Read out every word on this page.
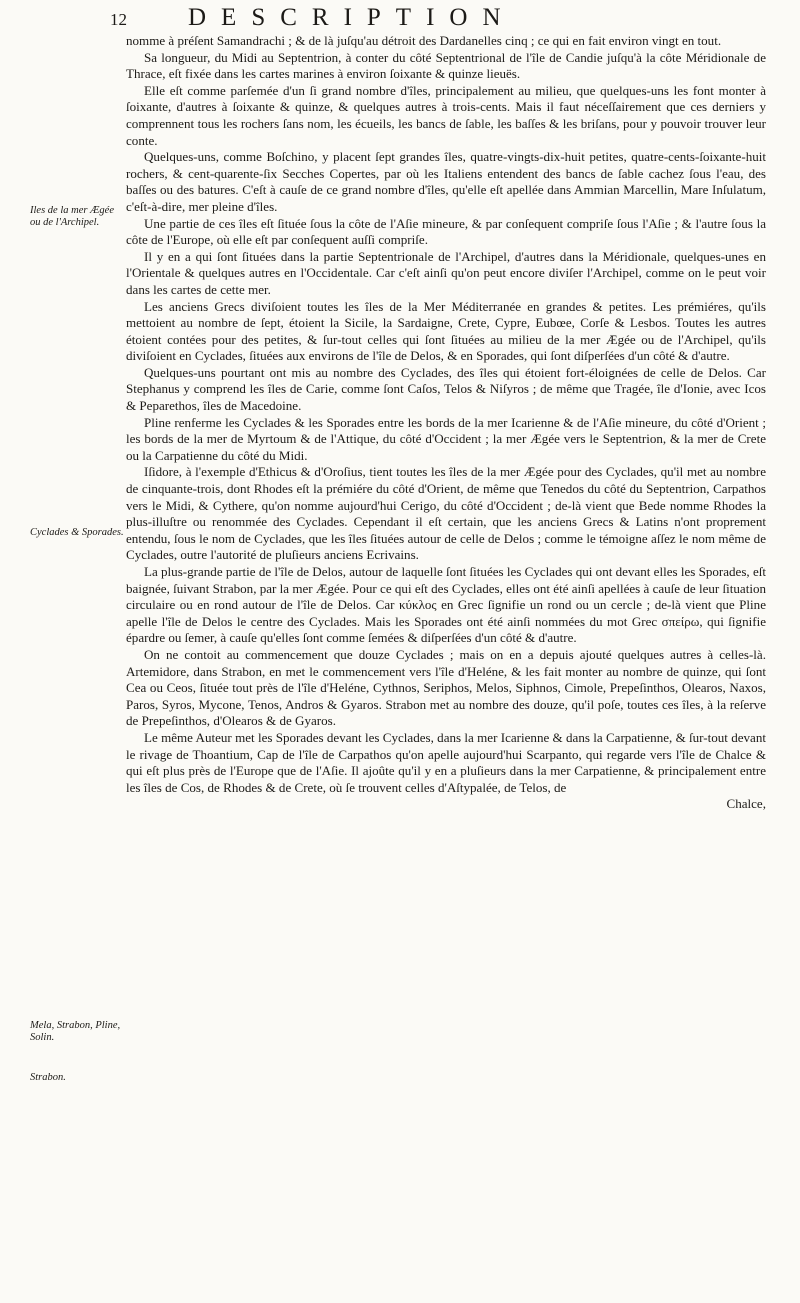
12 DESCRIPTION
Iles de la mer Ægée ou de l'Archipel.
Cyclades & Sporades.
Mela, Strabon, Pline, Solin.
Strabon.

nomme à préſent Samandrachi ; & de là juſqu'au détroit des Dardanelles cinq ; ce qui en fait environ vingt en tout.

Sa longueur, du Midi au Septentrion, à conter du côté Septentrional de l'île de Candie juſqu'à la côte Méridionale de Thrace, eſt fixée dans les cartes marines à environ ſoixante & quinze lieuës.

Elle eſt comme parſemée d'un ſi grand nombre d'îles, principalement au milieu, que quelques-uns les font monter à ſoixante, d'autres à ſoixante & quinze, & quelques autres à trois-cents. Mais il faut néceſſairement que ces derniers y comprennent tous les rochers ſans nom, les écueils, les bancs de ſable, les baſſes & les briſans, pour y pouvoir trouver leur conte.

Quelques-uns, comme Boſchino, y placent ſept grandes îles, quatre-vingts-dix-huit petites, quatre-cents-ſoixante-huit rochers, & cent-quarente-ſix Secches Copertes, par où les Italiens entendent des bancs de ſable cachez ſous l'eau, des baſſes ou des batures. C'eſt à cauſe de ce grand nombre d'îles, qu'elle eſt apellée dans Ammian Marcellin, Mare Inſulatum, c'eſt-à-dire, mer pleine d'îles.

Une partie de ces îles eſt ſituée ſous la côte de l'Aſie mineure, & par conſequent compriſe ſous l'Aſie ; & l'autre ſous la côte de l'Europe, où elle eſt par conſequent auſſi compriſe.

Il y en a qui ſont ſituées dans la partie Septentrionale de l'Archipel, d'autres dans la Méridionale, quelques-unes en l'Orientale & quelques autres en l'Occidentale. Car c'eſt ainſi qu'on peut encore diviſer l'Archipel, comme on le peut voir dans les cartes de cette mer.

Les anciens Grecs diviſoient toutes les îles de la Mer Méditerranée en grandes & petites. Les prémiéres, qu'ils mettoient au nombre de ſept, étoient la Sicile, la Sardaigne, Crete, Cypre, Eubœe, Corſe & Lesbos. Toutes les autres étoient contées pour des petites, & ſur-tout celles qui ſont ſituées au milieu de la mer Ægée ou de l'Archipel, qu'ils diviſoient en Cyclades, ſituées aux environs de l'île de Delos, & en Sporades, qui ſont diſperſées d'un côté & d'autre.

Quelques-uns pourtant ont mis au nombre des Cyclades, des îles qui étoient fort-éloignées de celle de Delos. Car Stephanus y comprend les îles de Carie, comme ſont Caſos, Telos & Niſyros ; de même que Tragée, île d'Ionie, avec Icos & Peparethos, îles de Macedoine.

Pline renferme les Cyclades & les Sporades entre les bords de la mer Icarienne & de l'Aſie mineure, du côté d'Orient ; les bords de la mer de Myrtoum & de l'Attique, du côté d'Occident ; la mer Ægée vers le Septentrion, & la mer de Crete ou la Carpatienne du côté du Midi.

Iſidore, à l'exemple d'Ethicus & d'Oroſius, tient toutes les îles de la mer Ægée pour des Cyclades, qu'il met au nombre de cinquante-trois, dont Rhodes eſt la prémiére du côté d'Orient, de même que Tenedos du côté du Septentrion, Carpathos vers le Midi, & Cythere, qu'on nomme aujourd'hui Cerigo, du côté d'Occident ; de-là vient que Bede nomme Rhodes la plus-illuſtre ou renommée des Cyclades. Cependant il eſt certain, que les anciens Grecs & Latins n'ont proprement entendu, ſous le nom de Cyclades, que les îles ſituées autour de celle de Delos ; comme le témoigne aſſez le nom même de Cyclades, outre l'autorité de pluſieurs anciens Ecrivains.

La plus-grande partie de l'île de Delos, autour de laquelle ſont ſituées les Cyclades qui ont devant elles les Sporades, eſt baignée, ſuivant Strabon, par la mer Ægée. Pour ce qui eſt des Cyclades, elles ont été ainſi apellées à cauſe de leur ſituation circulaire ou en rond autour de l'île de Delos. Car κύκλος en Grec ſignifie un rond ou un cercle ; de-là vient que Pline apelle l'île de Delos le centre des Cyclades. Mais les Sporades ont été ainſi nommées du mot Grec σπείρω, qui ſignifie épardre ou ſemer, à cauſe qu'elles ſont comme ſemées & diſperſées d'un côté & d'autre.

On ne contoit au commencement que douze Cyclades ; mais on en a depuis ajouté quelques autres à celles-là. Artemidore, dans Strabon, en met le commencement vers l'île d'Heléne, & les fait monter au nombre de quinze, qui ſont Cea ou Ceos, ſituée tout près de l'île d'Heléne, Cythnos, Seriphos, Melos, Siphnos, Cimole, Prepeſinthos, Olearos, Naxos, Paros, Syros, Mycone, Tenos, Andros & Gyaros. Strabon met au nombre des douze, qu'il poſe, toutes ces îles, à la reſerve de Prepeſinthos, d'Olearos & de Gyaros.

Le même Auteur met les Sporades devant les Cyclades, dans la mer Icarienne & dans la Carpatienne, & ſur-tout devant le rivage de Thoantium, Cap de l'île de Carpathos qu'on apelle aujourd'hui Scarpanto, qui regarde vers l'île de Chalce & qui eſt plus près de l'Europe que de l'Aſie. Il ajoûte qu'il y en a pluſieurs dans la mer Carpatienne, & principalement entre les îles de Cos, de Rhodes & de Crete, où ſe trouvent celles d'Aſtypalée, de Telos, de

Chalce,
